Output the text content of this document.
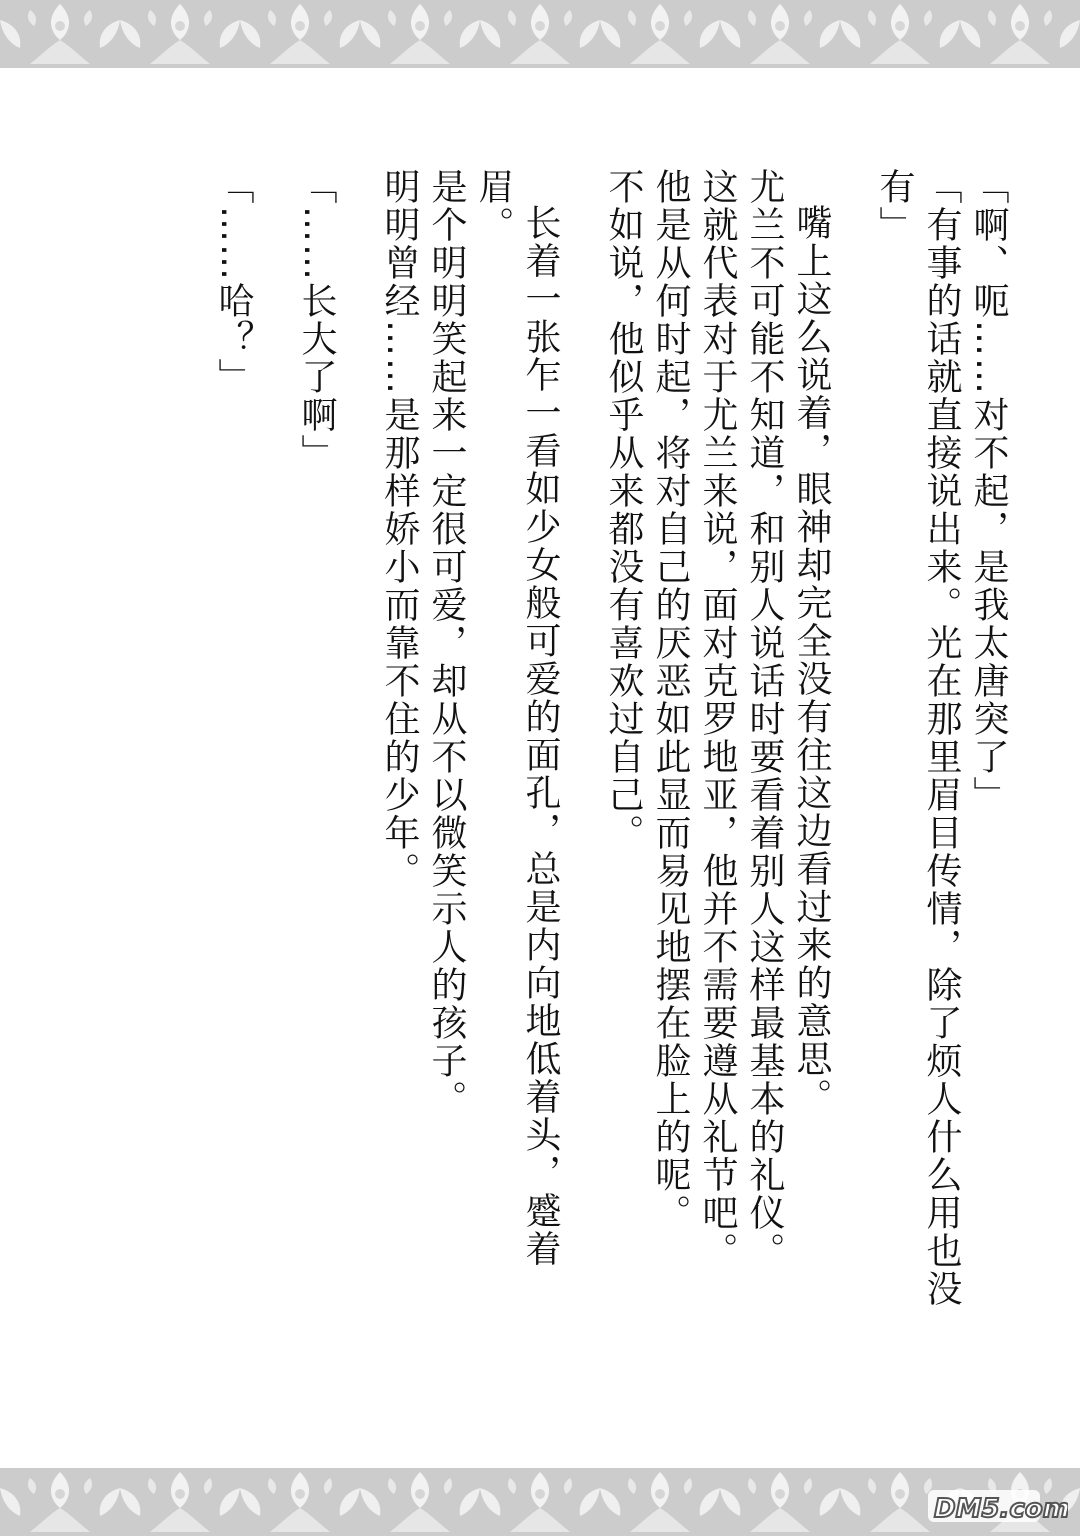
「啊、呃……对不起，是我太唐突了」

「有事的话就直接说出来。光在那里眉目传情，除了烦人什么用也没有」

嘴上这么说着，眼神却完全没有往这边看过来的意思。

尤兰不可能不知道，和别人说话时要看着别人这样最基本的礼仪。

这就代表对于尤兰来说，面对克罗地亚，他并不需要遵从礼节吧。

他是从何时起，将对自己的厌恶如此显而易见地摆在脸上的呢。

不如说，他似乎从来都没有喜欢过自己。

长着一张乍一看如少女般可爱的面孔，总是内向地低着头，蹙着眉。

是个明明笑起来一定很可爱，却从不以微笑示人的孩子。

明明曾经……是那样娇小而靠不住的少年。

「……长大了啊」

「……哈？」

DM5.com
